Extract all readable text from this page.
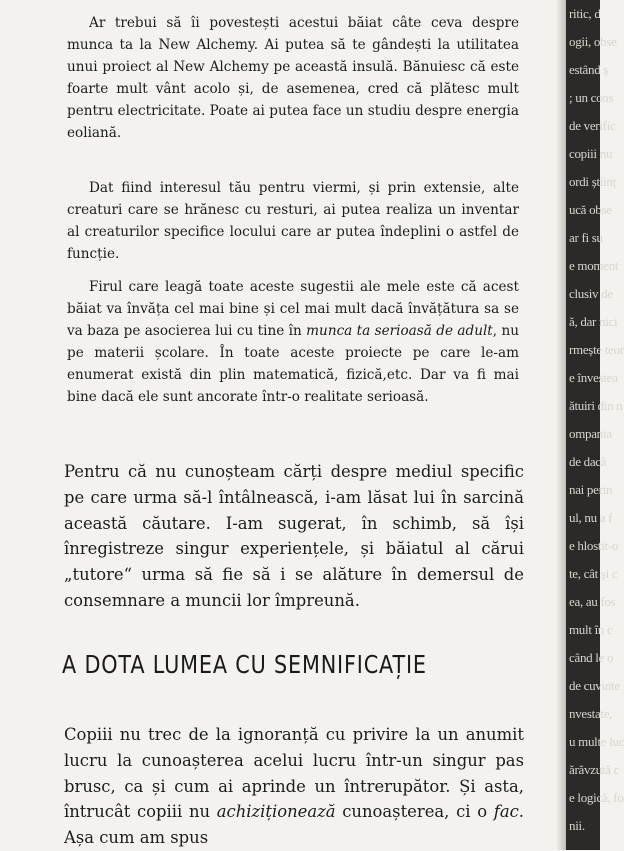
Ar trebui să îi povestești acestui băiat câte ceva despre munca ta la New Alchemy. Ai putea să te gândești la utilitatea unui proiect al New Alchemy pe această insulă. Bănuiesc că este foarte mult vânt acolo și, de asemenea, cred că plătesc mult pentru electricitate. Poate ai putea face un studiu despre energia eoliană.

Dat fiind interesul tău pentru viermi, și prin extensie, alte creaturi care se hrănesc cu resturi, ai putea realiza un inventar al creaturilor specifice locului care ar putea îndeplini o astfel de funcție.

Firul care leagă toate aceste sugestii ale mele este că acest băiat va învăța cel mai bine și cel mai mult dacă învățătura sa se va baza pe asocierea lui cu tine în munca ta serioasă de adult, nu pe materii școlare. În toate aceste proiecte pe care le-am enumerat există din plin matematică, fizică,etc. Dar va fi mai bine dacă ele sunt ancorate într-o realitate serioasă.

Pentru că nu cunoșteam cărți despre mediul specific pe care urma să-l întâlnească, i-am lăsat lui în sarcină această căutare. I-am sugerat, în schimb, să își înregistreze singur experiențele, și băiatul al cărui „tutore“ urma să fie să i se alăture în demersul de consemnare a muncii lor împreună.

A DOTA LUMEA CU SEMNIFICAȚIE

Copiii nu trec de la ignoranță cu privire la un anumit lucru la cunoașterea acelui lucru într-un singur pas brusc, ca și cum ai aprinde un întrerupător. Și asta, întrucât copiii nu achiziționează cunoașterea, ci o fac. Așa cum am spus

ritic, d
ogii, obse
estând ș
; un cons
de verific
copiii nu
ordi științ
ucă obse
ar fi su
e moment
clusiv de
ă, dar nici
rmește teor
e învestea
ătuiri din n
ompania
de dacă
nai perin
ul, nu a f
e hlostit-o
te, cât și c
ea, au fos
mult în c
când le o
de cuvinte
nvestate,
u multe luc
ărăvzută c
e logică, fo
nii.
